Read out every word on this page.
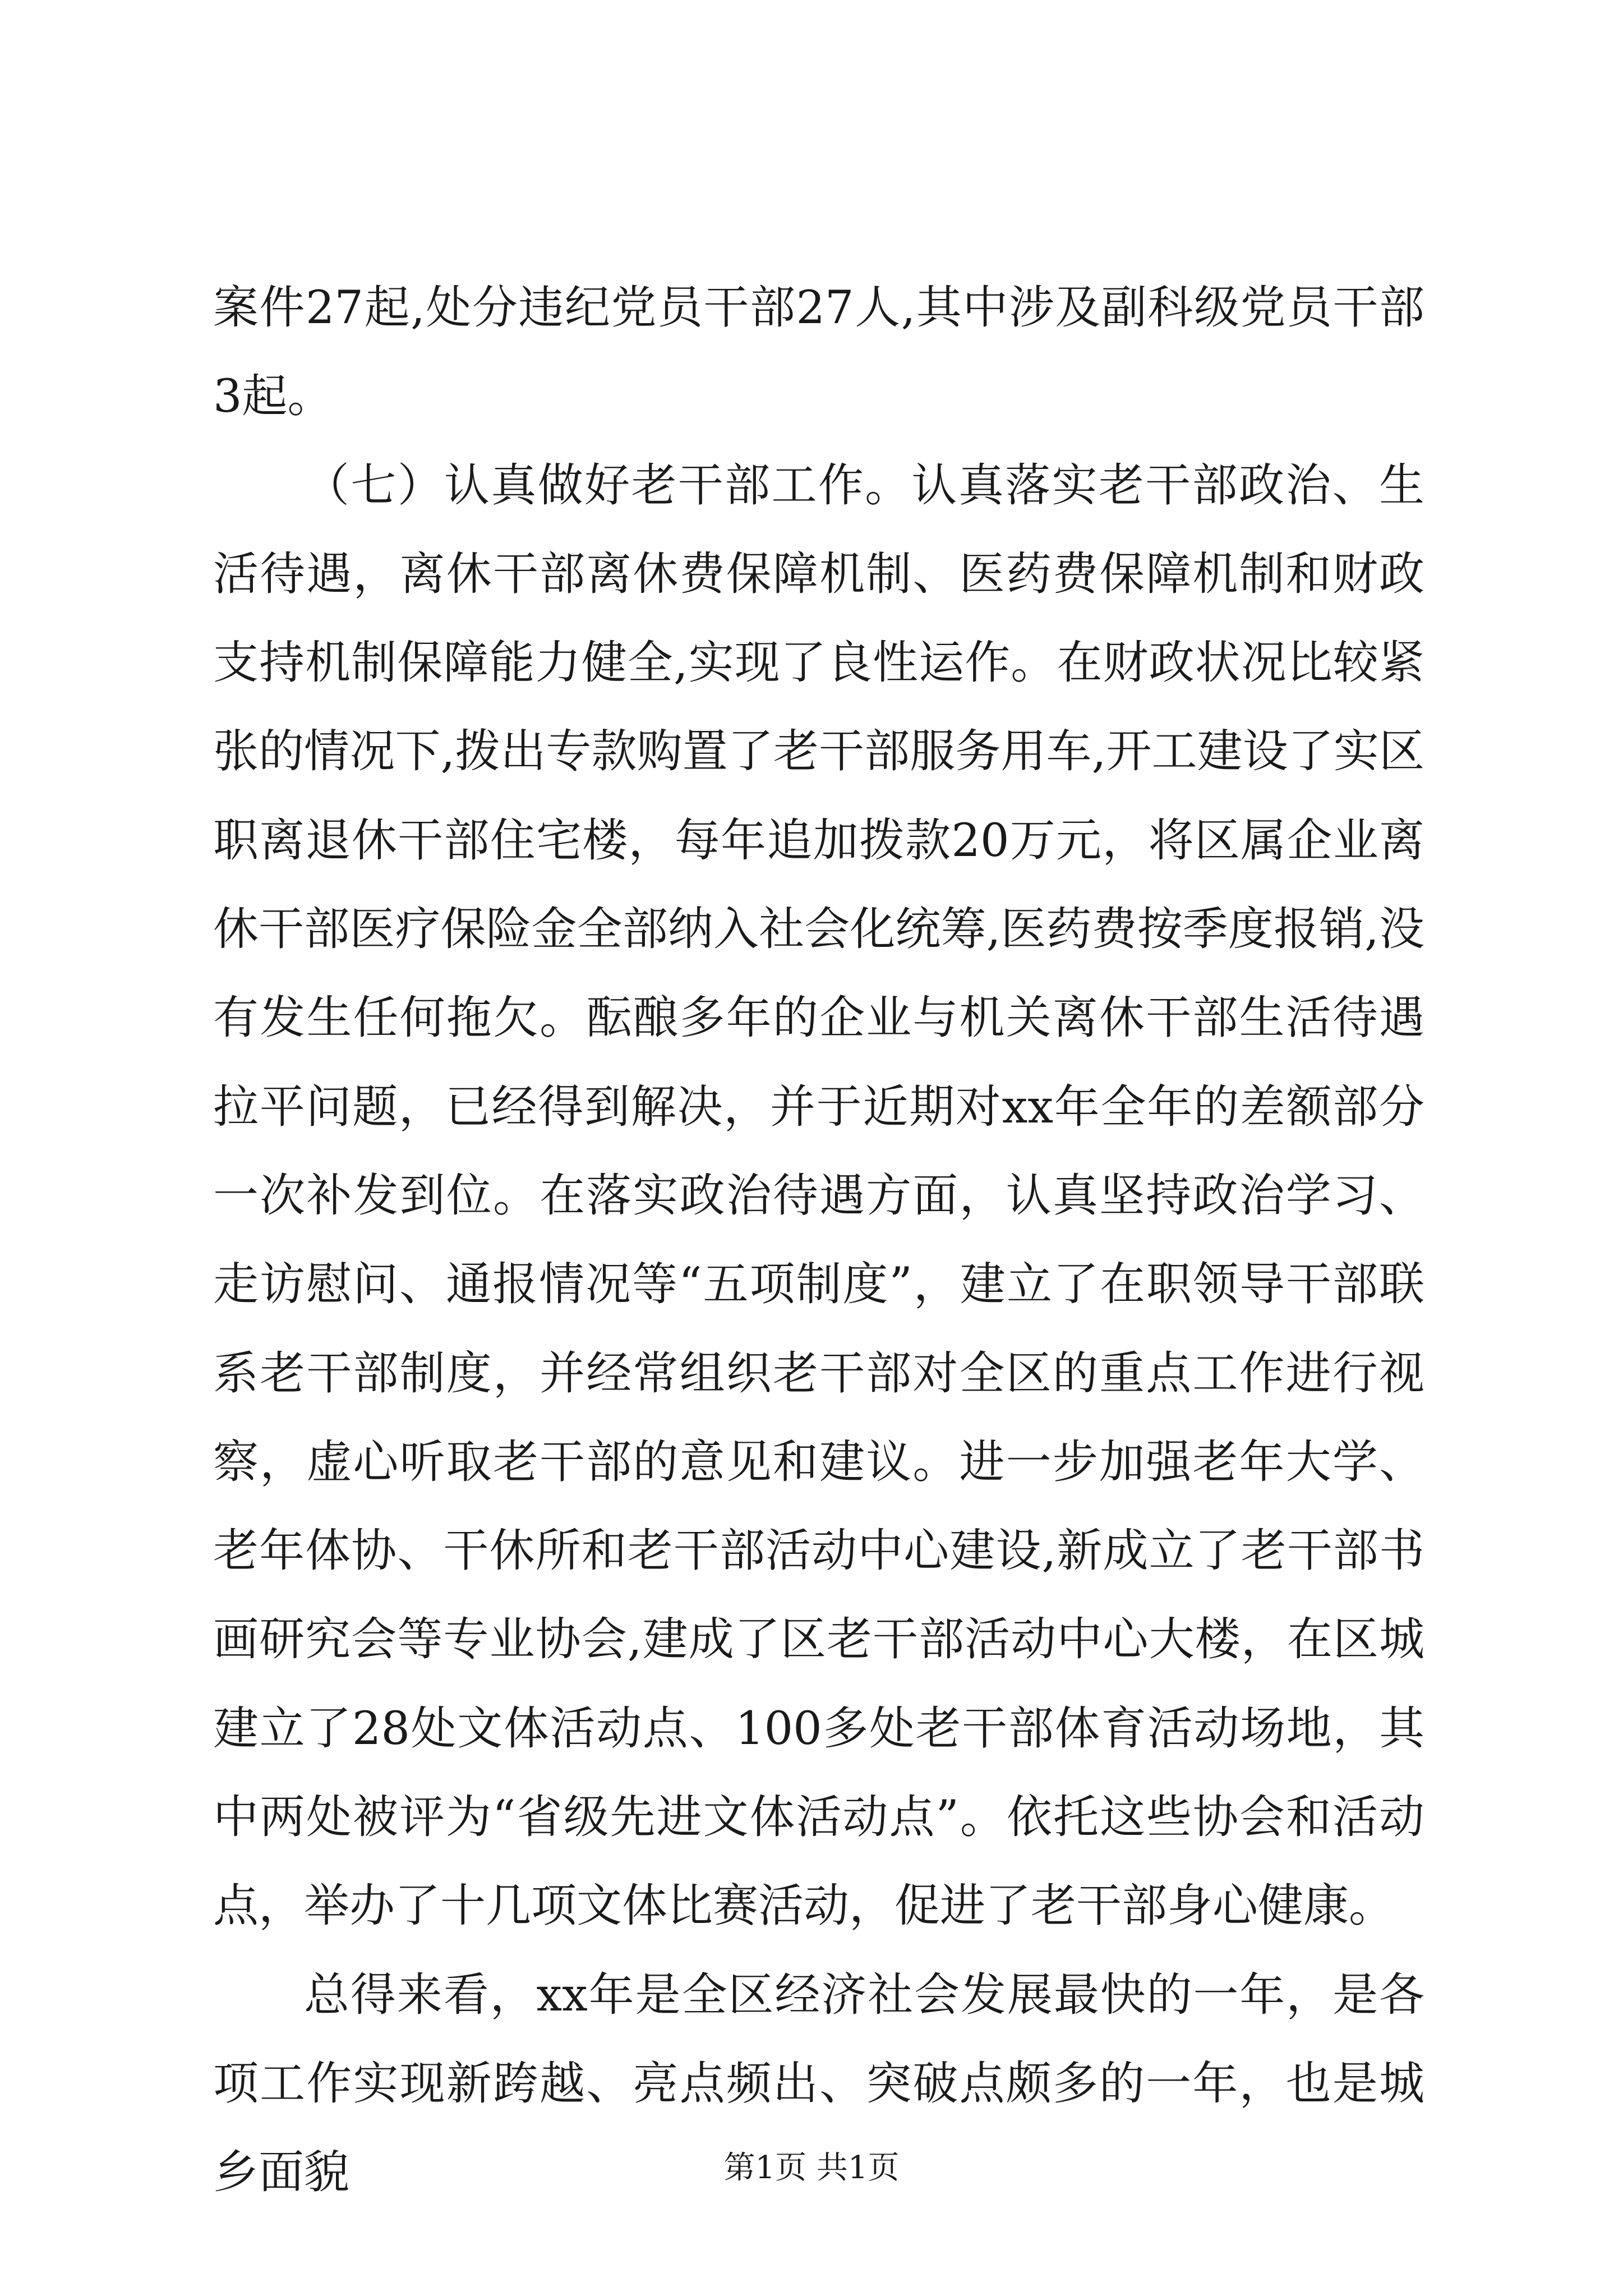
案件27起,处分违纪党员干部27人,其中涉及副科级党员干部3起。

（七）认真做好老干部工作。认真落实老干部政治、生活待遇，离休干部离休费保障机制、医药费保障机制和财政支持机制保障能力健全,实现了良性运作。在财政状况比较紧张的情况下,拨出专款购置了老干部服务用车,开工建设了实区职离退休干部住宅楼，每年追加拨款20万元，将区属企业离休干部医疗保险金全部纳入社会化统筹,医药费按季度报销,没有发生任何拖欠。酝酿多年的企业与机关离休干部生活待遇拉平问题，已经得到解决，并于近期对xx年全年的差额部分一次补发到位。在落实政治待遇方面，认真坚持政治学习、走访慰问、通报情况等“五项制度”，建立了在职领导干部联系老干部制度，并经常组织老干部对全区的重点工作进行视察，虚心听取老干部的意见和建议。进一步加强老年大学、老年体协、干休所和老干部活动中心建设,新成立了老干部书画研究会等专业协会,建成了区老干部活动中心大楼，在区城建立了28处文体活动点、100多处老干部体育活动场地，其中两处被评为“省级先进文体活动点”。依托这些协会和活动点，举办了十几项文体比赛活动，促进了老干部身心健康。

总得来看，xx年是全区经济社会发展最快的一年，是各项工作实现新跨越、亮点频出、突破点颇多的一年，也是城乡面貌	第1页 共1页
